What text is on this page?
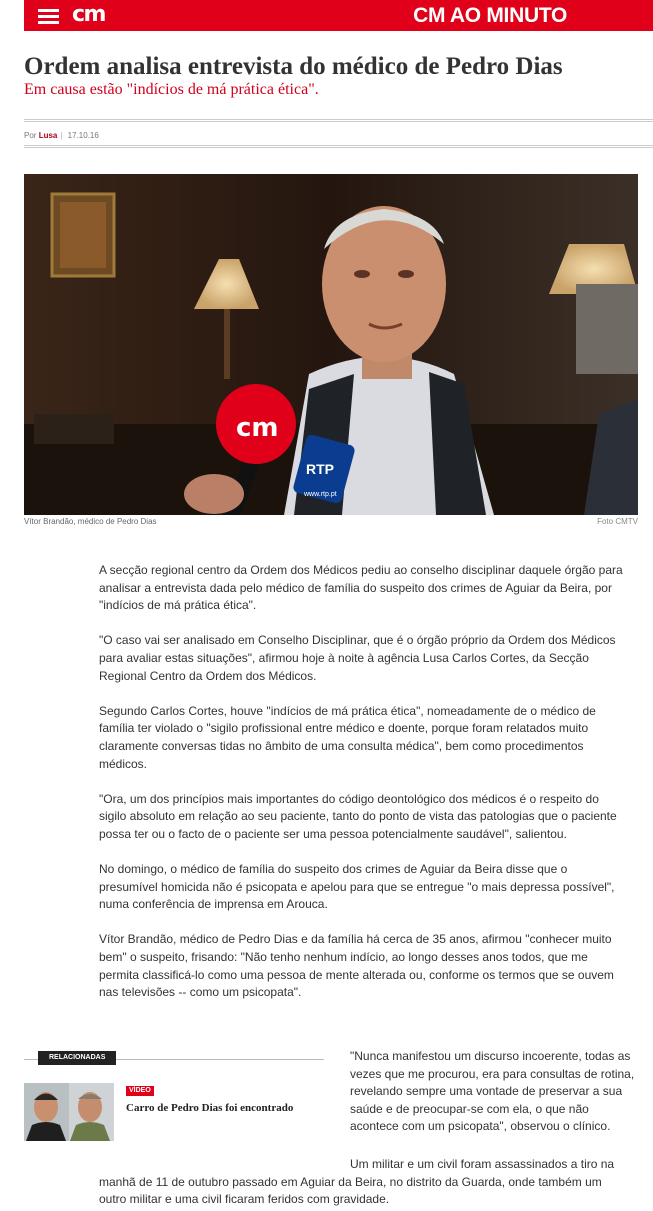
cm	CM AO MINUTO
Ordem analisa entrevista do médico de Pedro Dias
Em causa estão "indícios de má prática ética".
Por Lusa | 17.10.16
cm
RTP
www.rtp.pt
Vítor Brandão, médico de Pedro Dias	Foto CMTV

A secção regional centro da Ordem dos Médicos pediu ao conselho disciplinar daquele órgão para analisar a entrevista dada pelo médico de família do suspeito dos crimes de Aguiar da Beira, por "indícios de má prática ética".

"O caso vai ser analisado em Conselho Disciplinar, que é o órgão próprio da Ordem dos Médicos para avaliar estas situações", afirmou hoje à noite à agência Lusa Carlos Cortes, da Secção Regional Centro da Ordem dos Médicos.

Segundo Carlos Cortes, houve "indícios de má prática ética", nomeadamente de o médico de família ter violado o "sigilo profissional entre médico e doente, porque foram relatados muito claramente conversas tidas no âmbito de uma consulta médica", bem como procedimentos médicos.

"Ora, um dos princípios mais importantes do código deontológico dos médicos é o respeito do sigilo absoluto em relação ao seu paciente, tanto do ponto de vista das patologias que o paciente possa ter ou o facto de o paciente ser uma pessoa potencialmente saudável", salientou.

No domingo, o médico de família do suspeito dos crimes de Aguiar da Beira disse que o presumível homicida não é psicopata e apelou para que se entregue "o mais depressa possível", numa conferência de imprensa em Arouca.

Vítor Brandão, médico de Pedro Dias e da família há cerca de 35 anos, afirmou "conhecer muito bem" o suspeito, frisando: "Não tenho nenhum indício, ao longo desses anos todos, que me permita classificá-lo como uma pessoa de mente alterada ou, conforme os termos que se ouvem nas televisões -- como um psicopata".

RELACIONADAS
VÍDEO
Carro de Pedro Dias foi encontrado
"Nunca manifestou um discurso incoerente, todas as vezes que me procurou, era para consultas de rotina, revelando sempre uma vontade de preservar a sua saúde e de preocupar-se com ela, o que não acontece com um psicopata", observou o clínico.
Um militar e um civil foram assassinados a tiro na manhã de 11 de outubro passado em Aguiar da Beira, no distrito da Guarda, onde também um outro militar e uma civil ficaram feridos com gravidade.
